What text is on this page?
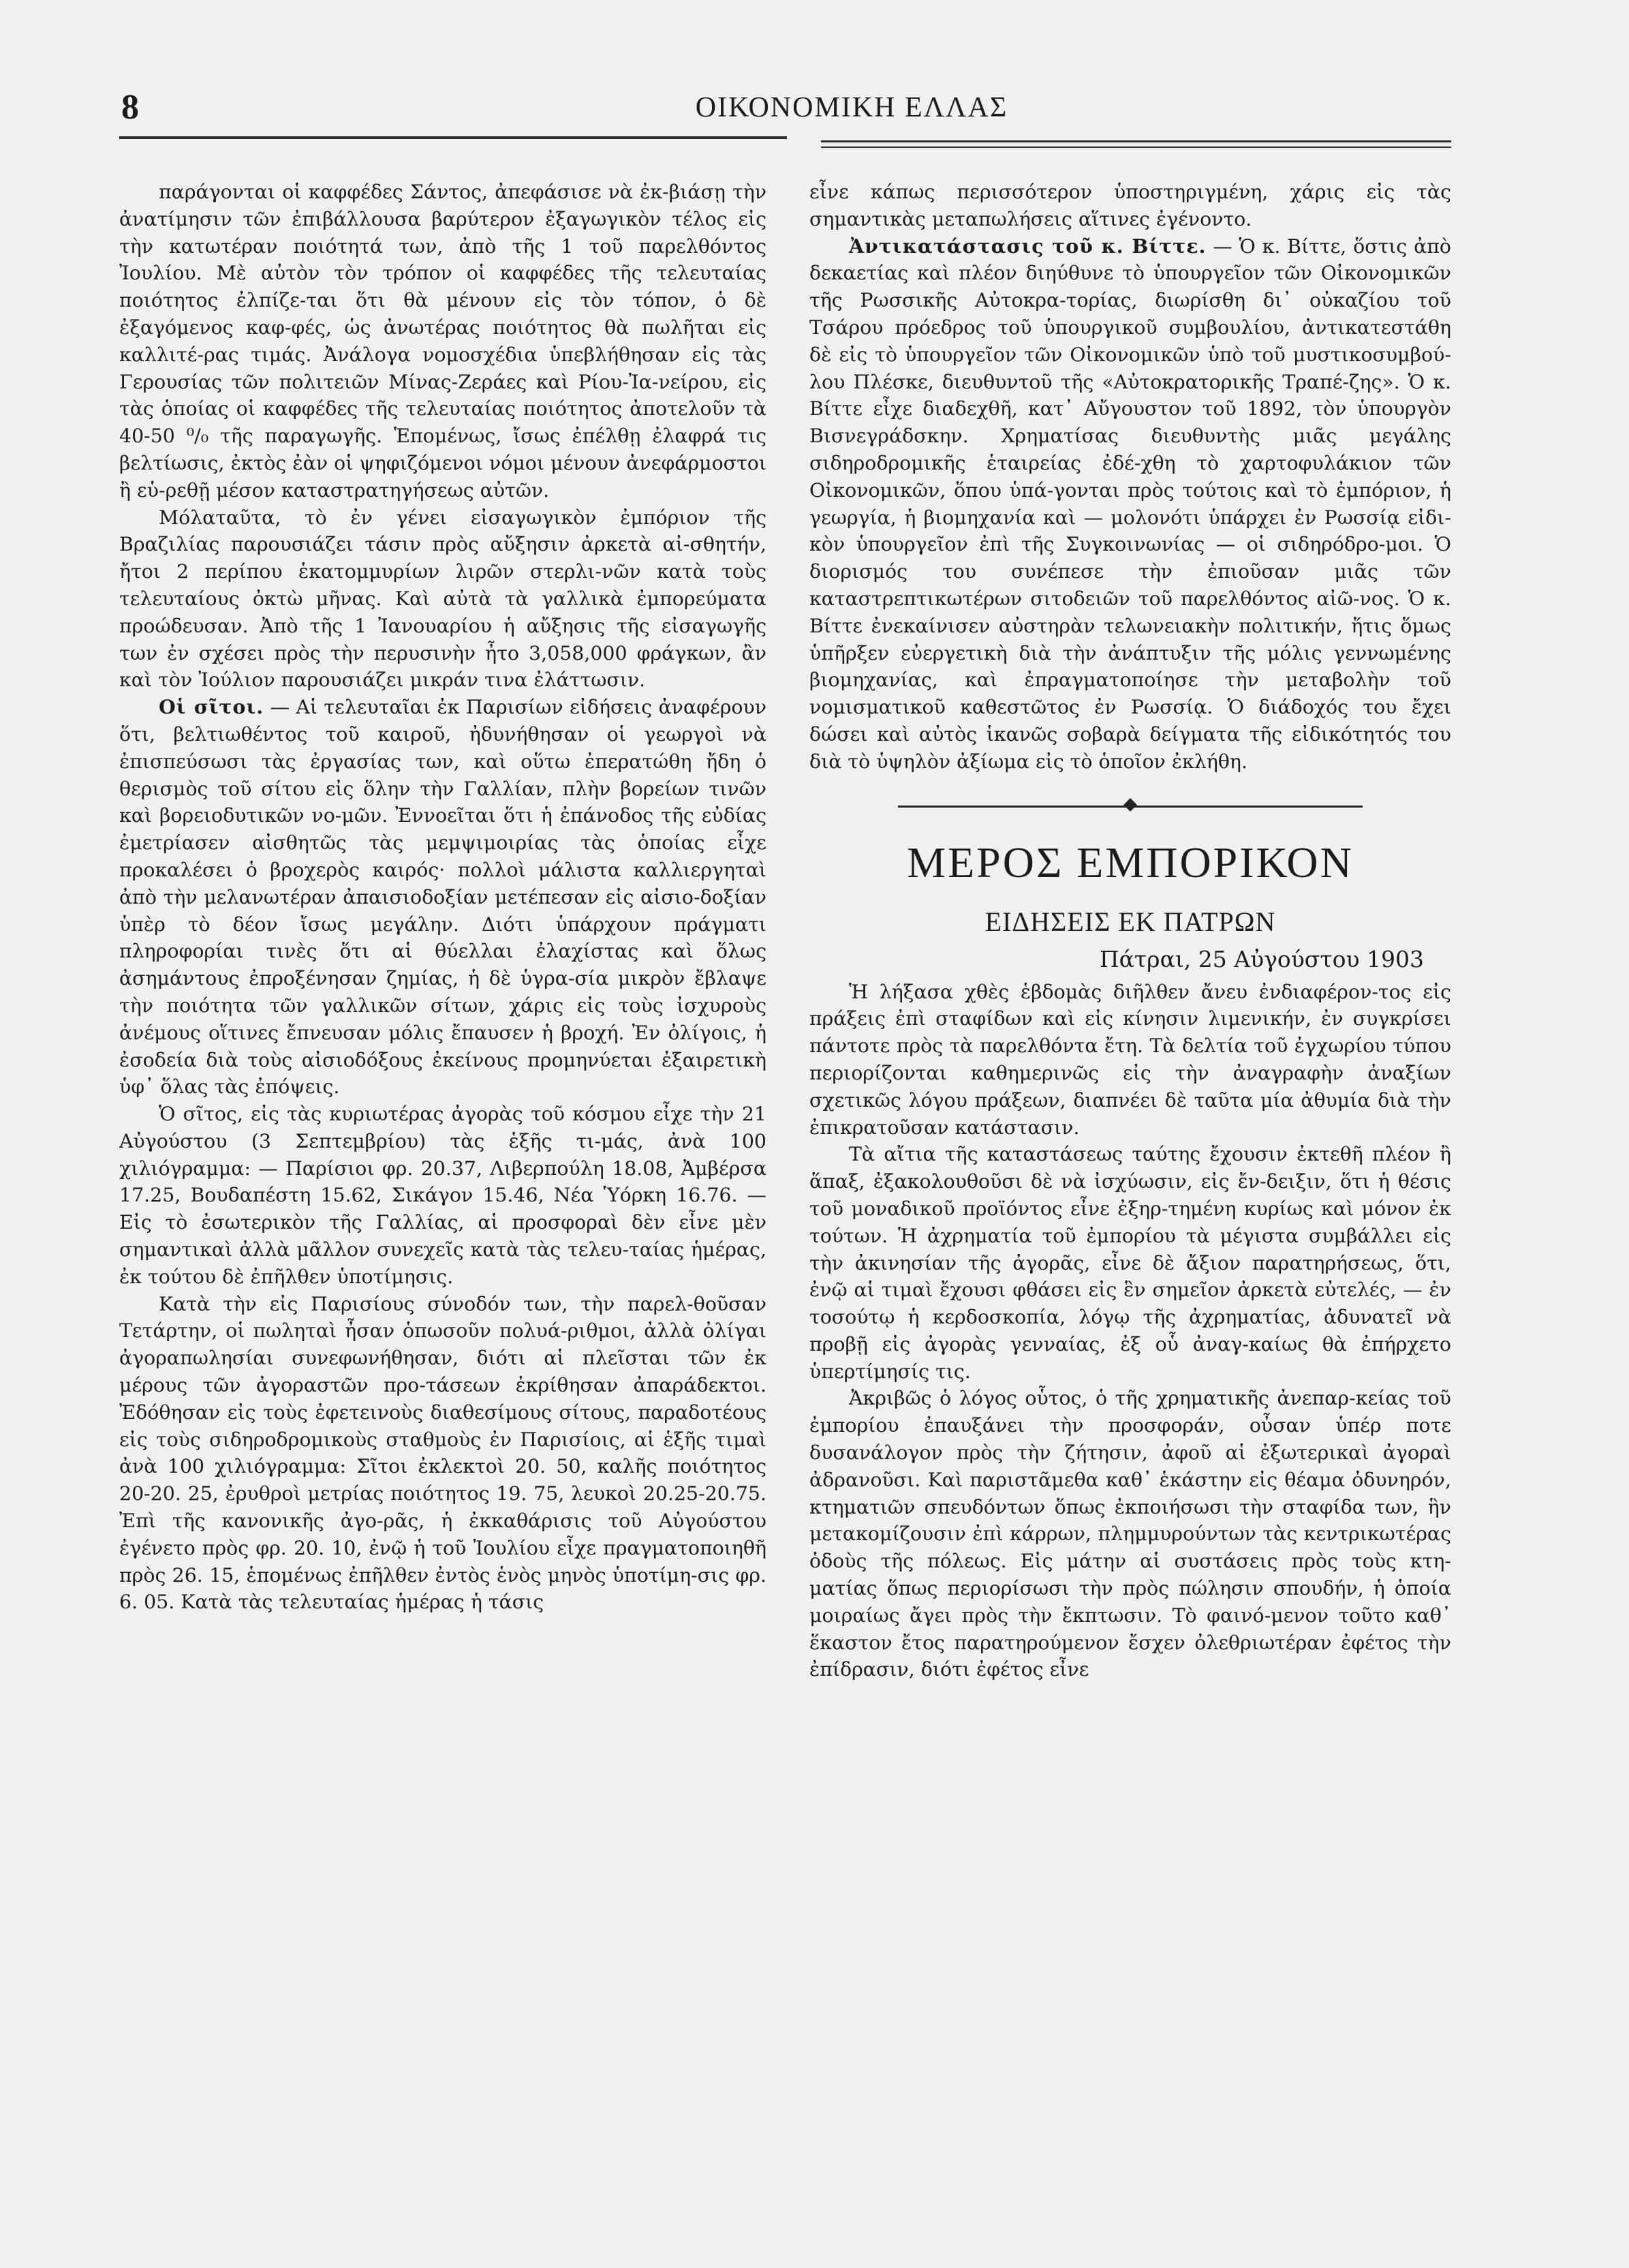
8	ΟΙΚΟΝΟΜΙΚΗ ΕΛΛΑΣ

παράγονται οἱ καφφέδες Σάντος, ἀπεφάσισε νὰ ἐκ-βιάσῃ τὴν ἀνατίμησιν τῶν ἐπιβάλλουσα βαρύτερον ἐξαγωγικὸν τέλος εἰς τὴν κατωτέραν ποιότητά των, ἀπὸ τῆς 1 τοῦ παρελθόντος Ἰουλίου. Μὲ αὐτὸν τὸν τρόπον οἱ καφφέδες τῆς τελευταίας ποιότητος ἐλπίζε-ται ὅτι θὰ μένουν εἰς τὸν τόπον, ὁ δὲ ἐξαγόμενος καφ-φές, ὡς ἀνωτέρας ποιότητος θὰ πωλῆται εἰς καλλιτέ-ρας τιμάς. Ἀνάλογα νομοσχέδια ὑπεβλήθησαν εἰς τὰς Γερουσίας τῶν πολιτειῶν Μίνας-Ζεράες καὶ Ρίου-Ἰα-νείρου, εἰς τὰς ὁποίας οἱ καφφέδες τῆς τελευταίας ποιότητος ἀποτελοῦν τὰ 40-50 ⁰/₀ τῆς παραγωγῆς. Ἑπομένως, ἴσως ἐπέλθῃ ἐλαφρά τις βελτίωσις, ἐκτὸς ἐὰν οἱ ψηφιζόμενοι νόμοι μένουν ἀνεφάρμοστοι ἢ εὑ-ρεθῇ μέσον καταστρατηγήσεως αὐτῶν.

Μόλαταῦτα, τὸ ἐν γένει εἰσαγωγικὸν ἐμπόριον τῆς Βραζιλίας παρουσιάζει τάσιν πρὸς αὔξησιν ἀρκετὰ αἰ-σθητήν, ἤτοι 2 περίπου ἑκατομμυρίων λιρῶν στερλι-νῶν κατὰ τοὺς τελευταίους ὀκτὼ μῆνας. Καὶ αὐτὰ τὰ γαλλικὰ ἐμπορεύματα προώδευσαν. Ἀπὸ τῆς 1 Ἰανουαρίου ἡ αὔξησις τῆς εἰσαγωγῆς των ἐν σχέσει πρὸς τὴν περυσινὴν ἦτο 3,058,000 φράγκων, ἂν καὶ τὸν Ἰούλιον παρουσιάζει μικράν τινα ἐλάττωσιν.

Οἱ σῖτοι. — Αἱ τελευταῖαι ἐκ Παρισίων εἰδήσεις ἀναφέρουν ὅτι, βελτιωθέντος τοῦ καιροῦ, ἠδυνήθησαν οἱ γεωργοὶ νὰ ἐπισπεύσωσι τὰς ἐργασίας των, καὶ οὕτω ἐπερατώθη ἤδη ὁ θερισμὸς τοῦ σίτου εἰς ὅλην τὴν Γαλλίαν, πλὴν βορείων τινῶν καὶ βορειοδυτικῶν νο-μῶν. Ἐννοεῖται ὅτι ἡ ἐπάνοδος τῆς εὐδίας ἐμετρίασεν αἰσθητῶς τὰς μεμψιμοιρίας τὰς ὁποίας εἶχε προκαλέσει ὁ βροχερὸς καιρός· πολλοὶ μάλιστα καλλιεργηταὶ ἀπὸ τὴν μελανωτέραν ἀπαισιοδοξίαν μετέπεσαν εἰς αἰσιο-δοξίαν ὑπὲρ τὸ δέον ἴσως μεγάλην. Διότι ὑπάρχουν πράγματι πληροφορίαι τινὲς ὅτι αἱ θύελλαι ἐλαχίστας καὶ ὅλως ἀσημάντους ἐπροξένησαν ζημίας, ἡ δὲ ὑγρα-σία μικρὸν ἔβλαψε τὴν ποιότητα τῶν γαλλικῶν σίτων, χάρις εἰς τοὺς ἰσχυροὺς ἀνέμους οἵτινες ἔπνευσαν μόλις ἔπαυσεν ἡ βροχή. Ἐν ὀλίγοις, ἡ ἐσοδεία διὰ τοὺς αἰσιοδόξους ἐκείνους προμηνύεται ἐξαιρετικὴ ὑφ᾿ ὅλας τὰς ἐπόψεις.

Ὁ σῖτος, εἰς τὰς κυριωτέρας ἀγορὰς τοῦ κόσμου εἶχε τὴν 21 Αὐγούστου (3 Σεπτεμβρίου) τὰς ἑξῆς τι-μάς, ἀνὰ 100 χιλιόγραμμα: — Παρίσιοι φρ. 20.37, Λιβερπούλη 18.08, Ἀμβέρσα 17.25, Βουδαπέστη 15.62, Σικάγον 15.46, Νέα Ὑόρκη 16.76. — Εἰς τὸ ἐσωτερικὸν τῆς Γαλλίας, αἱ προσφοραὶ δὲν εἶνε μὲν σημαντικαὶ ἀλλὰ μᾶλλον συνεχεῖς κατὰ τὰς τελευ-ταίας ἡμέρας, ἐκ τούτου δὲ ἐπῆλθεν ὑποτίμησις.

Κατὰ τὴν εἰς Παρισίους σύνοδόν των, τὴν παρελ-θοῦσαν Τετάρτην, οἱ πωληταὶ ἦσαν ὁπωσοῦν πολυά-ριθμοι, ἀλλὰ ὀλίγαι ἀγοραπωλησίαι συνεφωνήθησαν, διότι αἱ πλεῖσται τῶν ἐκ μέρους τῶν ἀγοραστῶν προ-τάσεων ἐκρίθησαν ἀπαράδεκτοι. Ἐδόθησαν εἰς τοὺς ἐφετεινοὺς διαθεσίμους σίτους, παραδοτέους εἰς τοὺς σιδηροδρομικοὺς σταθμοὺς ἐν Παρισίοις, αἱ ἑξῆς τιμαὶ ἀνὰ 100 χιλιόγραμμα: Σῖτοι ἐκλεκτοὶ 20. 50, καλῆς ποιότητος 20-20. 25, ἐρυθροὶ μετρίας ποιότητος 19. 75, λευκοὶ 20.25-20.75. Ἐπὶ τῆς κανονικῆς ἀγο-ρᾶς, ἡ ἐκκαθάρισις τοῦ Αὐγούστου ἐγένετο πρὸς φρ. 20. 10, ἐνῷ ἡ τοῦ Ἰουλίου εἶχε πραγματοποιηθῆ πρὸς 26. 15, ἑπομένως ἐπῆλθεν ἐντὸς ἑνὸς μηνὸς ὑποτίμη-σις φρ. 6. 05. Κατὰ τὰς τελευταίας ἡμέρας ἡ τάσις

εἶνε κάπως περισσότερον ὑποστηριγμένη, χάρις εἰς τὰς σημαντικὰς μεταπωλήσεις αἵτινες ἐγένοντο.

Ἀντικατάστασις τοῦ κ. Βίττε. — Ὁ κ. Βίττε, ὅστις ἀπὸ δεκαετίας καὶ πλέον διηύθυνε τὸ ὑπουργεῖον τῶν Οἰκονομικῶν τῆς Ρωσσικῆς Αὐτοκρα-τορίας, διωρίσθη δι᾿ οὐκαζίου τοῦ Τσάρου πρόεδρος τοῦ ὑπουργικοῦ συμβουλίου, ἀντικατεστάθη δὲ εἰς τὸ ὑπουργεῖον τῶν Οἰκονομικῶν ὑπὸ τοῦ μυστικοσυμβού-λου Πλέσκε, διευθυντοῦ τῆς «Αὐτοκρατορικῆς Τραπέ-ζης». Ὁ κ. Βίττε εἶχε διαδεχθῆ, κατ᾿ Αὔγουστον τοῦ 1892, τὸν ὑπουργὸν Βισνεγράδσκην. Χρηματίσας διευθυντὴς μιᾶς μεγάλης σιδηροδρομικῆς ἑταιρείας ἐδέ-χθη τὸ χαρτοφυλάκιον τῶν Οἰκονομικῶν, ὅπου ὑπά-γονται πρὸς τούτοις καὶ τὸ ἐμπόριον, ἡ γεωργία, ἡ βιομηχανία καὶ — μολονότι ὑπάρχει ἐν Ρωσσίᾳ εἰδι-κὸν ὑπουργεῖον ἐπὶ τῆς Συγκοινωνίας — οἱ σιδηρόδρο-μοι. Ὁ διορισμός του συνέπεσε τὴν ἐπιοῦσαν μιᾶς τῶν καταστρεπτικωτέρων σιτοδειῶν τοῦ παρελθόντος αἰῶ-νος. Ὁ κ. Βίττε ἐνεκαίνισεν αὐστηρὰν τελωνειακὴν πολιτικήν, ἥτις ὅμως ὑπῆρξεν εὐεργετικὴ διὰ τὴν ἀνάπτυξιν τῆς μόλις γεννωμένης βιομηχανίας, καὶ ἐπραγματοποίησε τὴν μεταβολὴν τοῦ νομισματικοῦ καθεστῶτος ἐν Ρωσσίᾳ. Ὁ διάδοχός του ἔχει δώσει καὶ αὐτὸς ἱκανῶς σοβαρὰ δείγματα τῆς εἰδικότητός του διὰ τὸ ὑψηλὸν ἀξίωμα εἰς τὸ ὁποῖον ἐκλήθη.

ΜΕΡΟΣ ΕΜΠΟΡΙΚΟΝ
ΕΙΔΗΣΕΙΣ ΕΚ ΠΑΤΡΩΝ
Πάτραι, 25 Αὐγούστου 1903

Ἡ λήξασα χθὲς ἑβδομὰς διῆλθεν ἄνευ ἐνδιαφέρον-τος εἰς πράξεις ἐπὶ σταφίδων καὶ εἰς κίνησιν λιμενικήν, ἐν συγκρίσει πάντοτε πρὸς τὰ παρελθόντα ἔτη. Τὰ δελτία τοῦ ἐγχωρίου τύπου περιορίζονται καθημερινῶς εἰς τὴν ἀναγραφὴν ἀναξίων σχετικῶς λόγου πράξεων, διαπνέει δὲ ταῦτα μία ἀθυμία διὰ τὴν ἐπικρατοῦσαν κατάστασιν.

Τὰ αἴτια τῆς καταστάσεως ταύτης ἔχουσιν ἐκτεθῆ πλέον ἢ ἅπαξ, ἐξακολουθοῦσι δὲ νὰ ἰσχύωσιν, εἰς ἔν-δειξιν, ὅτι ἡ θέσις τοῦ μοναδικοῦ προϊόντος εἶνε ἐξηρ-τημένη κυρίως καὶ μόνον ἐκ τούτων. Ἡ ἀχρηματία τοῦ ἐμπορίου τὰ μέγιστα συμβάλλει εἰς τὴν ἀκινησίαν τῆς ἀγορᾶς, εἶνε δὲ ἄξιον παρατηρήσεως, ὅτι, ἐνῷ αἱ τιμαὶ ἔχουσι φθάσει εἰς ἓν σημεῖον ἀρκετὰ εὐτελές, — ἐν τοσούτῳ ἡ κερδοσκοπία, λόγῳ τῆς ἀχρηματίας, ἀδυνατεῖ νὰ προβῇ εἰς ἀγορὰς γενναίας, ἐξ οὗ ἀναγ-καίως θὰ ἐπήρχετο ὑπερτίμησίς τις.

Ἀκριβῶς ὁ λόγος οὗτος, ὁ τῆς χρηματικῆς ἀνεπαρ-κείας τοῦ ἐμπορίου ἐπαυξάνει τὴν προσφοράν, οὖσαν ὑπέρ ποτε δυσανάλογον πρὸς τὴν ζήτησιν, ἀφοῦ αἱ ἐξωτερικαὶ ἀγοραὶ ἀδρανοῦσι. Καὶ παριστᾶμεθα καθ᾿ ἑκάστην εἰς θέαμα ὀδυνηρόν, κτηματιῶν σπευδόντων ὅπως ἐκποιήσωσι τὴν σταφίδα των, ἣν μετακομίζουσιν ἐπὶ κάρρων, πλημμυρούντων τὰς κεντρικωτέρας ὁδοὺς τῆς πόλεως. Εἰς μάτην αἱ συστάσεις πρὸς τοὺς κτη-ματίας ὅπως περιορίσωσι τὴν πρὸς πώλησιν σπουδήν, ἡ ὁποία μοιραίως ἄγει πρὸς τὴν ἔκπτωσιν. Τὸ φαινό-μενον τοῦτο καθ᾿ ἕκαστον ἔτος παρατηρούμενον ἔσχεν ὀλεθριωτέραν ἐφέτος τὴν ἐπίδρασιν, διότι ἐφέτος εἶνε
